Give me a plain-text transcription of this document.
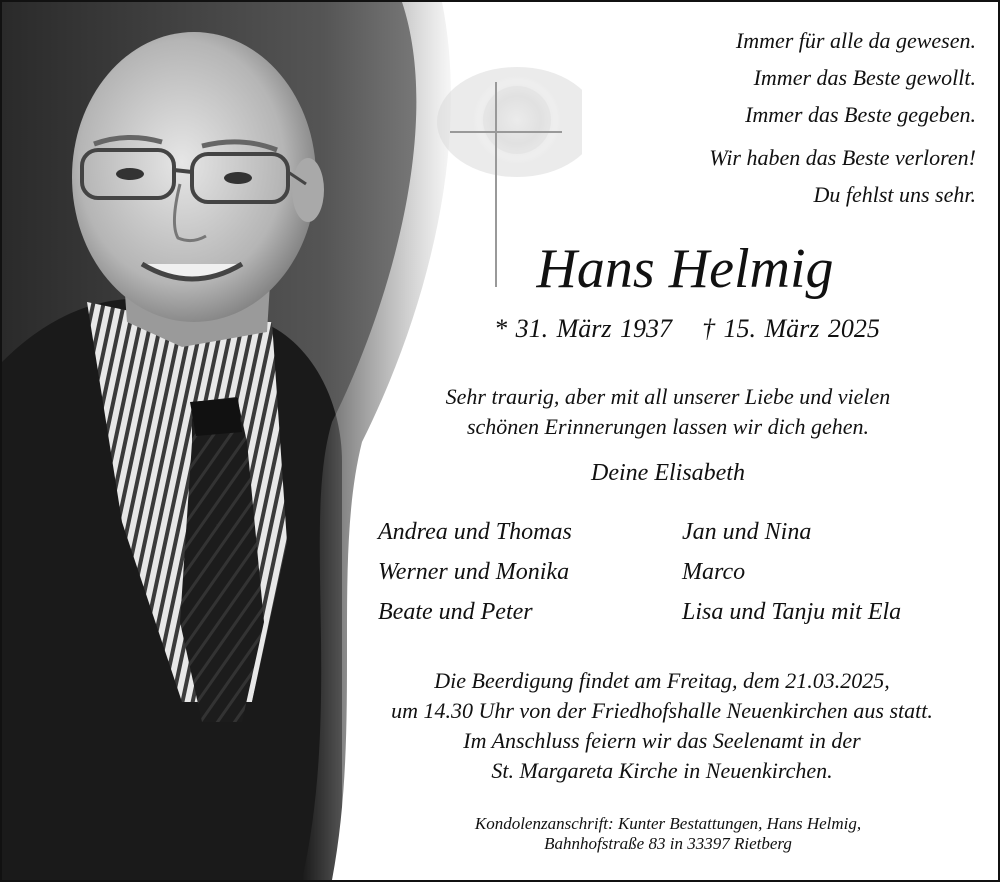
Immer für alle da gewesen.
Immer das Beste gewollt.
Immer das Beste gegeben.
Wir haben das Beste verloren!
Du fehlst uns sehr.
Hans Helmig
* 31. März 1937 † 15. März 2025
Sehr traurig, aber mit all unserer Liebe und vielen
schönen Erinnerungen lassen wir dich gehen.
Deine Elisabeth
Andrea und Thomas
Werner und Monika
Beate und Peter
Jan und Nina
Marco
Lisa und Tanju mit Ela
Die Beerdigung findet am Freitag, dem 21.03.2025,
um 14.30 Uhr von der Friedhofshalle Neuenkirchen aus statt.
Im Anschluss feiern wir das Seelenamt in der
St. Margareta Kirche in Neuenkirchen.
Kondolenzanschrift: Kunter Bestattungen, Hans Helmig,
Bahnhofstraße 83 in 33397 Rietberg
